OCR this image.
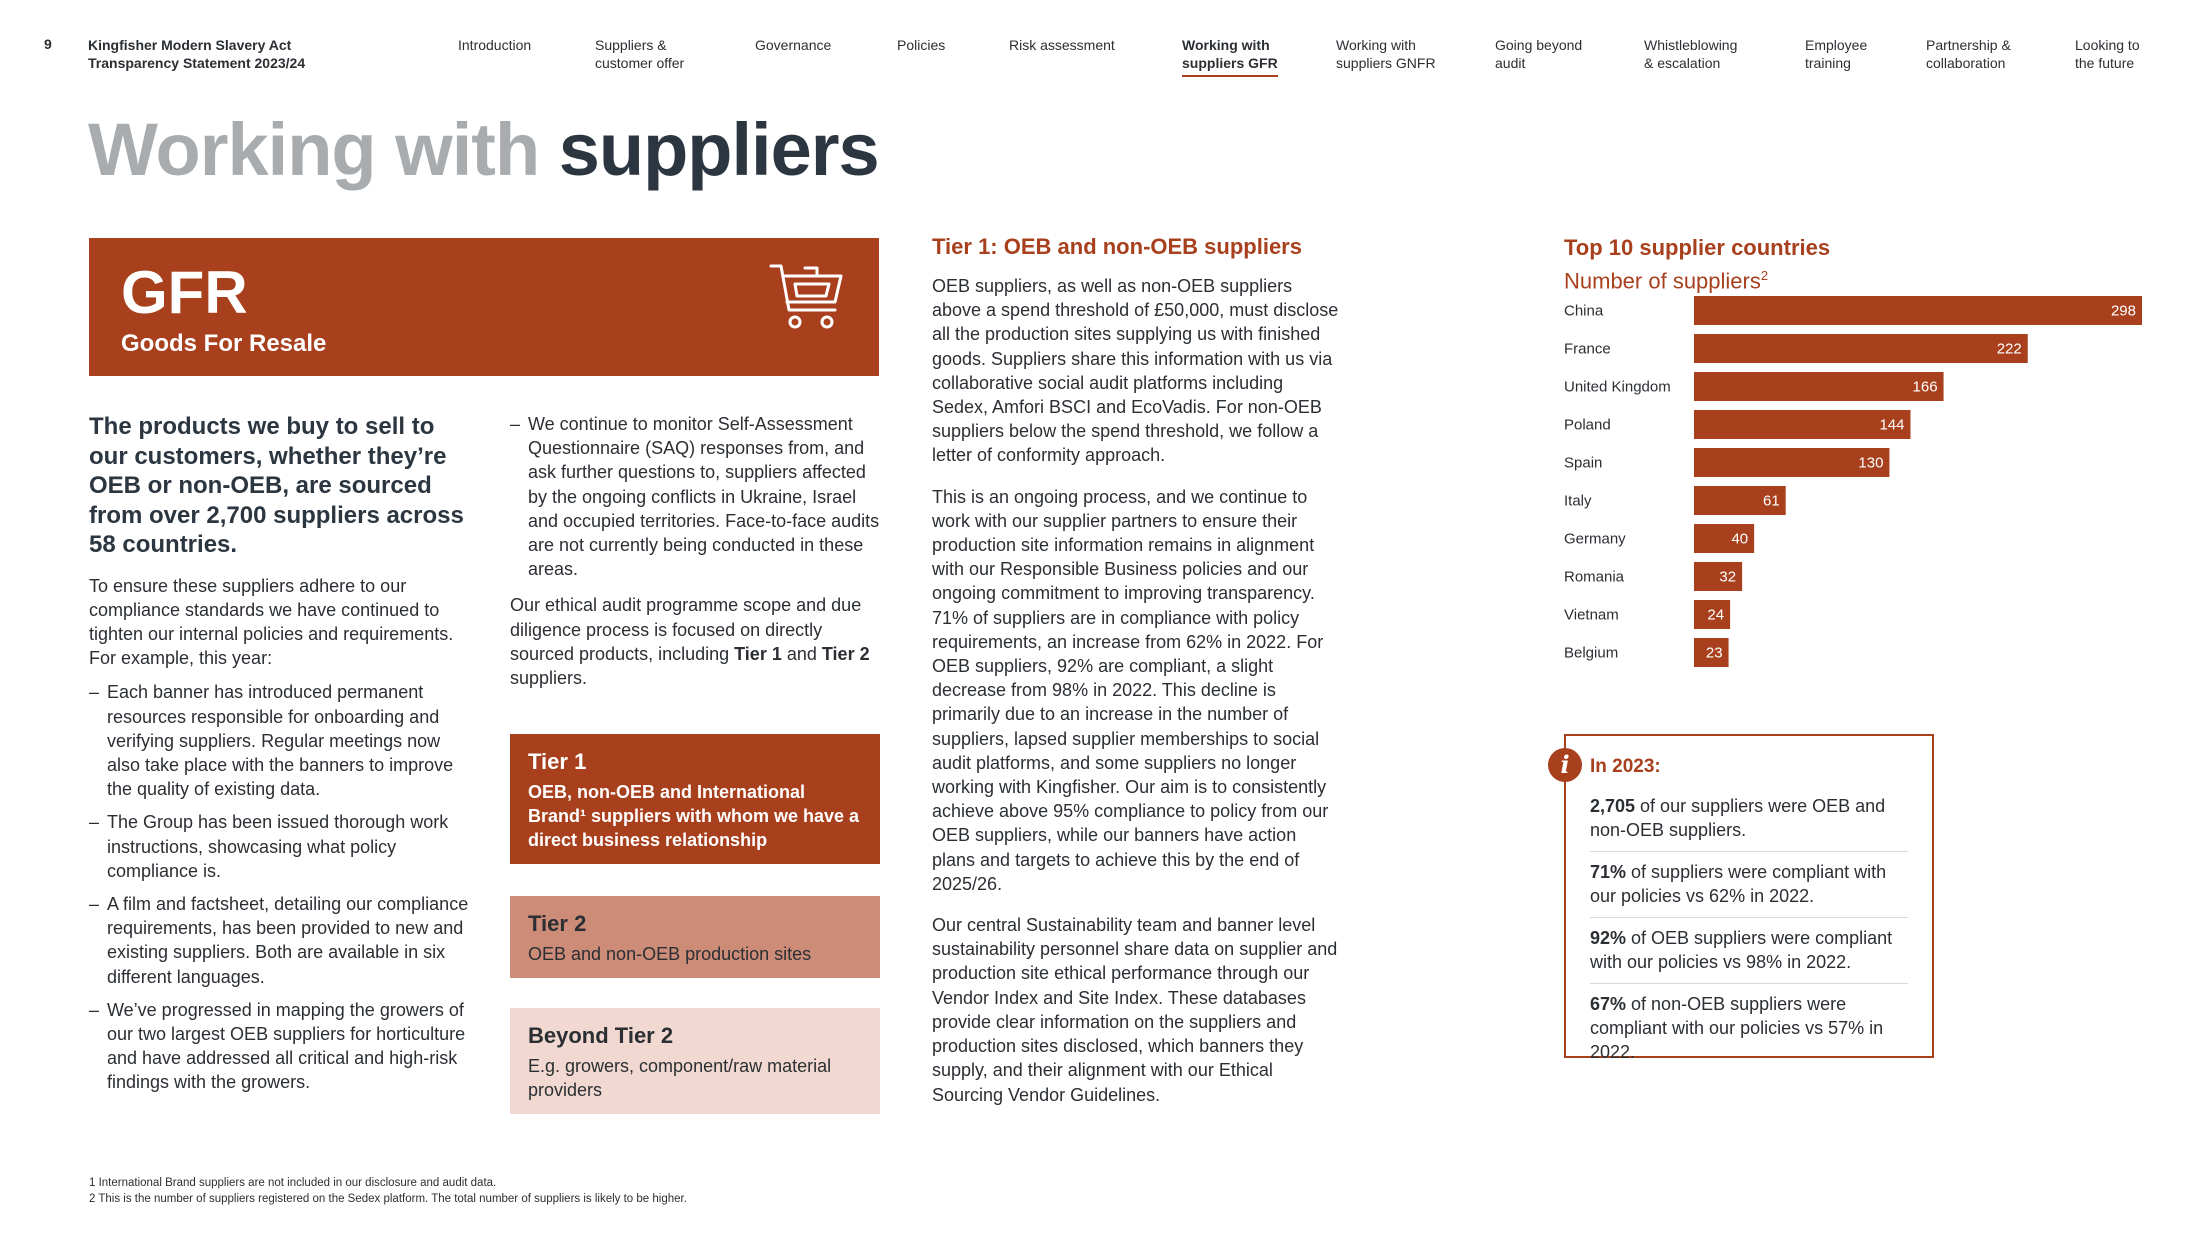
9	Kingfisher Modern Slavery Act
Transparency Statement 2023/24
Introduction	Suppliers &
customer offer
Governance	Policies	Risk assessment	Working with
suppliers GFR
Working with
suppliers GNFR
Going beyond
audit
Whistleblowing
& escalation
Employee
training
Partnership &
collaboration
Looking to
the future
Working with suppliers
GFR
Goods For Resale
The products we buy to sell to our customers, whether they’re OEB or non-OEB, are sourced from over 2,700 suppliers across 58 countries.
To ensure these suppliers adhere to our compliance standards we have continued to tighten our internal policies and requirements. For example, this year:
– Each banner has introduced permanent resources responsible for onboarding and verifying suppliers. Regular meetings now also take place with the banners to improve the quality of existing data.
– The Group has been issued thorough work instructions, showcasing what policy compliance is.
– A film and factsheet, detailing our compliance requirements, has been provided to new and existing suppliers. Both are available in six different languages.
– We’ve progressed in mapping the growers of our two largest OEB suppliers for horticulture and have addressed all critical and high-risk findings with the growers.
– We continue to monitor Self-Assessment Questionnaire (SAQ) responses from, and ask further questions to, suppliers affected by the ongoing conflicts in Ukraine, Israel and occupied territories. Face-to-face audits are not currently being conducted in these areas.
Our ethical audit programme scope and due diligence process is focused on directly sourced products, including Tier 1 and Tier 2 suppliers.
Tier 1
OEB, non-OEB and International Brand¹ suppliers with whom we have a direct business relationship
Tier 2
OEB and non-OEB production sites
Beyond Tier 2
E.g. growers, component/raw material providers
Tier 1: OEB and non-OEB suppliers
OEB suppliers, as well as non-OEB suppliers above a spend threshold of £50,000, must disclose all the production sites supplying us with finished goods. Suppliers share this information with us via collaborative social audit platforms including Sedex, Amfori BSCI and EcoVadis. For non-OEB suppliers below the spend threshold, we follow a letter of conformity approach.
This is an ongoing process, and we continue to work with our supplier partners to ensure their production site information remains in alignment with our Responsible Business policies and our ongoing commitment to improving transparency. 71% of suppliers are in compliance with policy requirements, an increase from 62% in 2022. For OEB suppliers, 92% are compliant, a slight decrease from 98% in 2022. This decline is primarily due to an increase in the number of suppliers, lapsed supplier memberships to social audit platforms, and some suppliers no longer working with Kingfisher. Our aim is to consistently achieve above 95% compliance to policy from our OEB suppliers, while our banners have action plans and targets to achieve this by the end of 2025/26.
Our central Sustainability team and banner level sustainability personnel share data on supplier and production site ethical performance through our Vendor Index and Site Index. These databases provide clear information on the suppliers and production sites disclosed, which banners they supply, and their alignment with our Ethical Sourcing Vendor Guidelines.
Top 10 supplier countries
Number of suppliers$^2$
China	298
France	222
United Kingdom	166
Poland	144
Spain	130
Italy	61
Germany	40
Romania	32
Vietnam	24
Belgium	23
i	In 2023:
2,705 of our suppliers were OEB and non-OEB suppliers.
71% of suppliers were compliant with our policies vs 62% in 2022.
92% of OEB suppliers were compliant with our policies vs 98% in 2022.
67% of non-OEB suppliers were compliant with our policies vs 57% in 2022.
1 International Brand suppliers are not included in our disclosure and audit data.
2 This is the number of suppliers registered on the Sedex platform. The total number of suppliers is likely to be higher.
